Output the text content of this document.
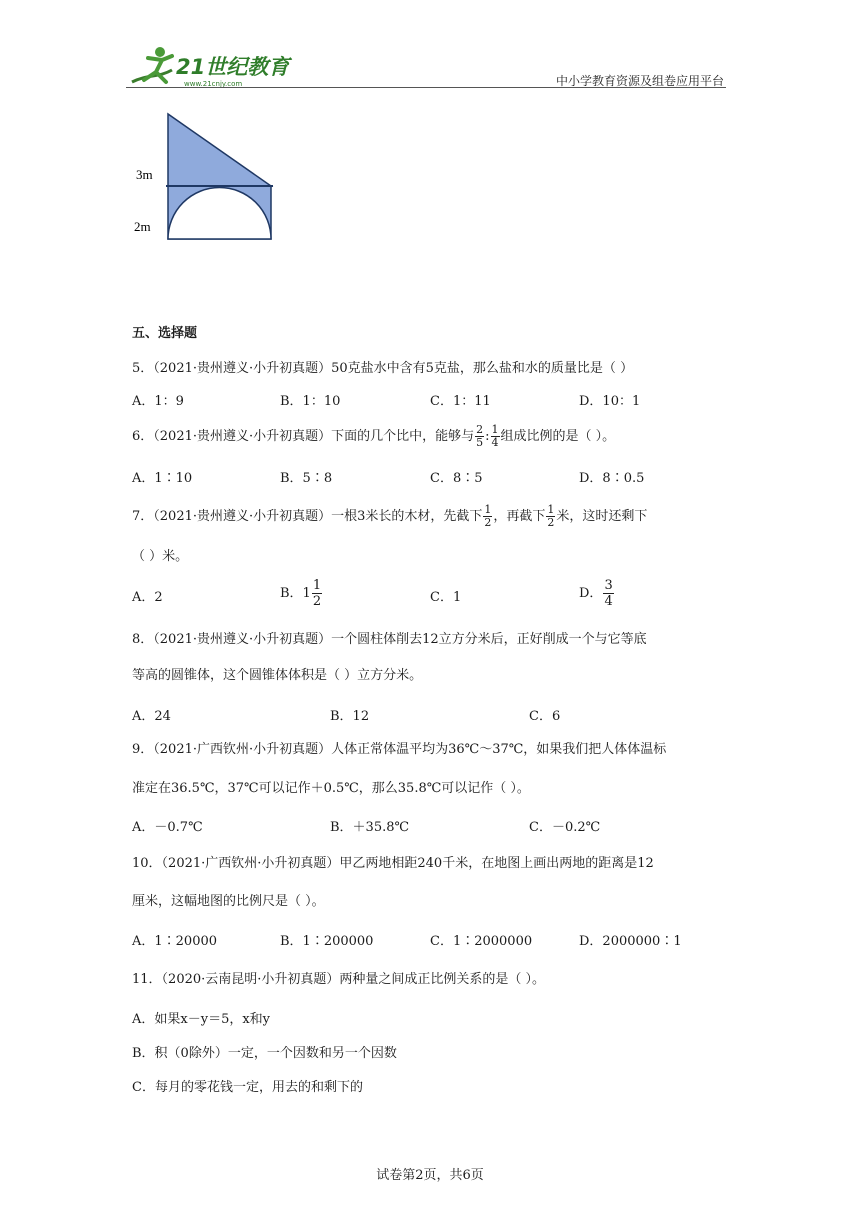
21世纪教育
www.21cnjy.com	中小学教育资源及组卷应用平台
3m
2m
五、选择题
5．（2021·贵州遵义·小升初真题）50克盐水中含有5克盐，那么盐和水的质量比是（ ）
A．1：9	B．1：10	C．1：11	D．10：1
6．（2021·贵州遵义·小升初真题）下面的几个比中，能够与 $\frac{2}{5}$ : $\frac{1}{4}$ 组成比例的是（ ）。
A．1∶10	B．5∶8	C．8∶5	D．8∶0.5
7．（2021·贵州遵义·小升初真题）一根3米长的木材，先截下 $\frac{1}{2}$ ，再截下 $\frac{1}{2}$ 米，这时还剩下
（ ）米。
A．2	B．$1 \frac{1}{2}$	C．1	D． $\frac{3}{4}$
8．（2021·贵州遵义·小升初真题）一个圆柱体削去12立方分米后，正好削成一个与它等底
等高的圆锥体，这个圆锥体体积是（ ）立方分米。
A．24	B．12	C．6
9．（2021·广西钦州·小升初真题）人体正常体温平均为36℃～37℃，如果我们把人体体温标
准定在36.5℃，37℃可以记作＋0.5℃，那么35.8℃可以记作（ ）。
A．－0.7℃	B．＋35.8℃	C．－0.2℃
10．（2021·广西钦州·小升初真题）甲乙两地相距240千米，在地图上画出两地的距离是12
厘米，这幅地图的比例尺是（ ）。
A．1∶20000	B．1∶200000	C．1∶2000000	D．2000000∶1
11．（2020·云南昆明·小升初真题）两种量之间成正比例关系的是（ ）。
A．如果x－y＝5，x和y
B．积（0除外）一定，一个因数和另一个因数
C．每月的零花钱一定，用去的和剩下的
试卷第2页，共6页
